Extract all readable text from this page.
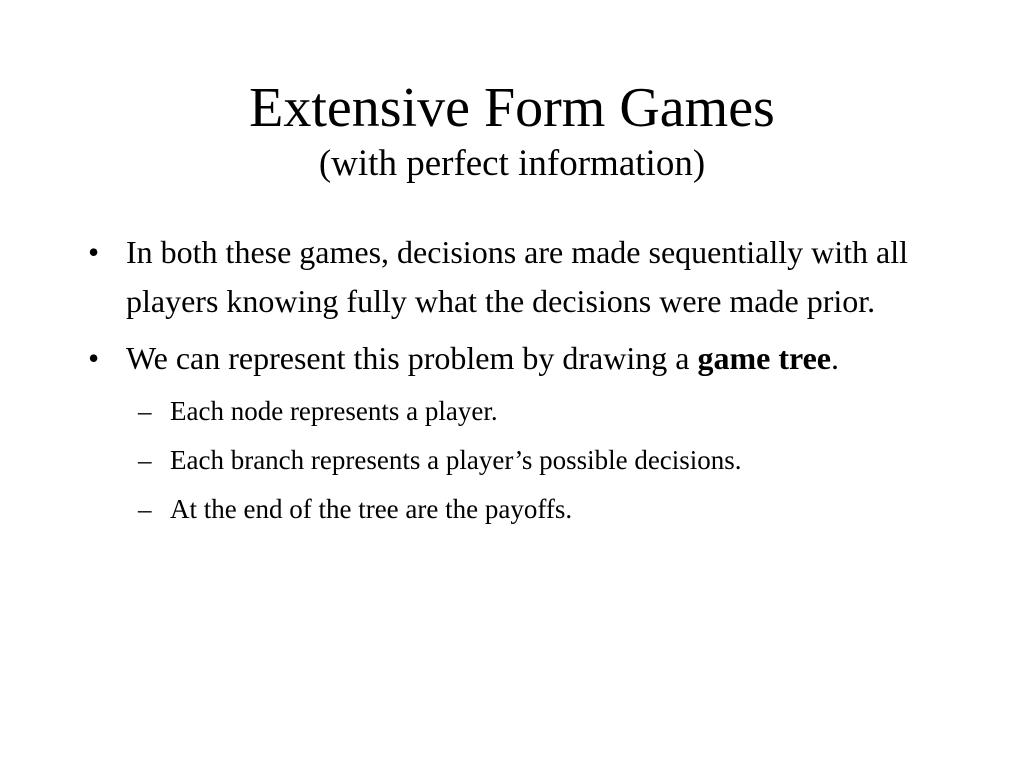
Extensive Form Games
(with perfect information)
• In both these games, decisions are made sequentially with all players knowing fully what the decisions were made prior.
• We can represent this problem by drawing a game tree.
– Each node represents a player.
– Each branch represents a player’s possible decisions.
– At the end of the tree are the payoffs.
